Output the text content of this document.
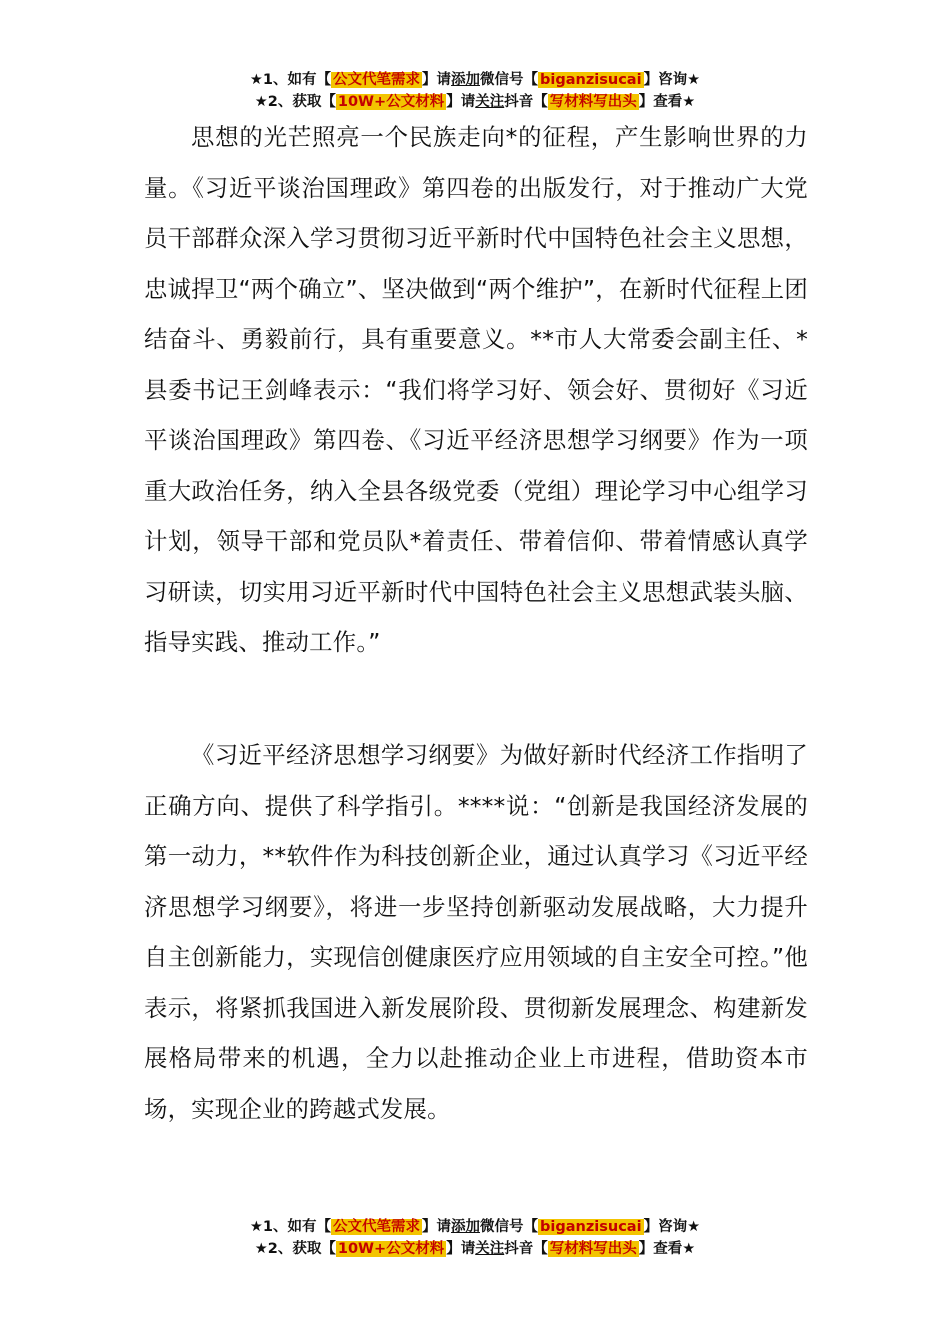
★1、如有【 公文代笔需求 】请添加微信号【 biganzisucai 】咨询★
★2、获取【 10W+公文材料 】请关注抖音【 写材料写出头 】查看★

思想的光芒照亮一个民族走向*的征程，产生影响世界的力量。《习近平谈治国理政》第四卷的出版发行，对于推动广大党员干部群众深入学习贯彻习近平新时代中国特色社会主义思想，忠诚捍卫“两个确立”、坚决做到“两个维护”，在新时代征程上团结奋斗、勇毅前行，具有重要意义。**市人大常委会副主任、*县委书记王剑峰表示：“我们将学习好、领会好、贯彻好《习近平谈治国理政》第四卷、《习近平经济思想学习纲要》作为一项重大政治任务，纳入全县各级党委（党组）理论学习中心组学习计划，领导干部和党员队*着责任、带着信仰、带着情感认真学习研读，切实用习近平新时代中国特色社会主义思想武装头脑、指导实践、推动工作。”

《习近平经济思想学习纲要》为做好新时代经济工作指明了正确方向、提供了科学指引。****说：“创新是我国经济发展的第一动力，**软件作为科技创新企业，通过认真学习《习近平经济思想学习纲要》，将进一步坚持创新驱动发展战略，大力提升自主创新能力，实现信创健康医疗应用领域的自主安全可控。”他表示，将紧抓我国进入新发展阶段、贯彻新发展理念、构建新发展格局带来的机遇，全力以赴推动企业上市进程，借助资本市场，实现企业的跨越式发展。

★1、如有【 公文代笔需求 】请添加微信号【 biganzisucai 】咨询★
★2、获取【 10W+公文材料 】请关注抖音【 写材料写出头 】查看★
